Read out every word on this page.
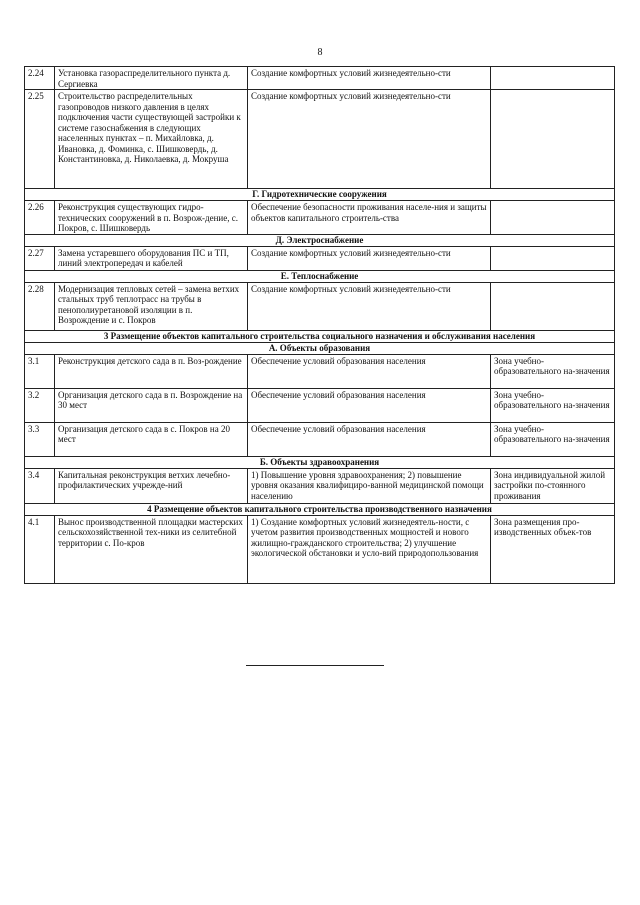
8
2.24	Установка газораспределительного пункта д. Сергиевка	Создание комфортных условий жизнедеятельно-сти	
2.25	Строительство распределительных газопроводов низкого давления в целях подключения части существующей застройки к системе газоснабжения в следующих населенных пунктах – п. Михайловка, д. Ивановка, д. Фоминка, с. Шишковердь, д. Константиновка, д. Николаевка, д. Мокруша	Создание комфортных условий жизнедеятельно-сти	
Г. Гидротехнические сооружения			
2.26	Реконструкция существующих гидро-технических сооружений в п. Возрож-дение, с. Покров, с. Шишковердь	Обеспечение безопасности проживания населе-ния и защиты объектов капитального строитель-ства	
Д. Электроснабжение			
2.27	Замена устаревшего оборудования ПС и ТП, линий электропередач и кабелей	Создание комфортных условий жизнедеятельно-сти	
Е. Теплоснабжение			
2.28	Модернизация тепловых сетей – замена ветхих стальных труб теплотрасс на трубы в пенополиуретановой изоляции в п. Возрождение и с. Покров	Создание комфортных условий жизнедеятельно-сти	
3 Размещение объектов капитального строительства социального назначения и обслуживания населения			
А. Объекты образования			
3.1	Реконструкция детского сада в п. Воз-рождение	Обеспечение условий образования населения	Зона учебно-образовательного на-значения
3.2	Организация детского сада в п. Возрождение на 30 мест	Обеспечение условий образования населения	Зона учебно-образовательного на-значения
3.3	Организация детского сада в с. Покров на 20 мест	Обеспечение условий образования населения	Зона учебно-образовательного на-значения
Б. Объекты здравоохранения			
3.4	Капитальная реконструкция ветхих лечебно-профилактических учрежде-ний	1) Повышение уровня здравоохранения; 2) повышение уровня оказания квалифициро-ванной медицинской помощи населению	Зона индивидуальной жилой застройки по-стоянного проживания
4 Размещение объектов капитального строительства производственного назначения			
4.1	Вынос производственной площадки мастерских сельскохозяйственной тех-ники из селитебной территории с. По-кров	1) Создание комфортных условий жизнедеятель-ности, с учетом развития производственных мощностей и нового жилищно-гражданского строительства; 2) улучшение экологической обстановки и усло-вий природопользования	Зона размещения про-изводственных объек-тов
